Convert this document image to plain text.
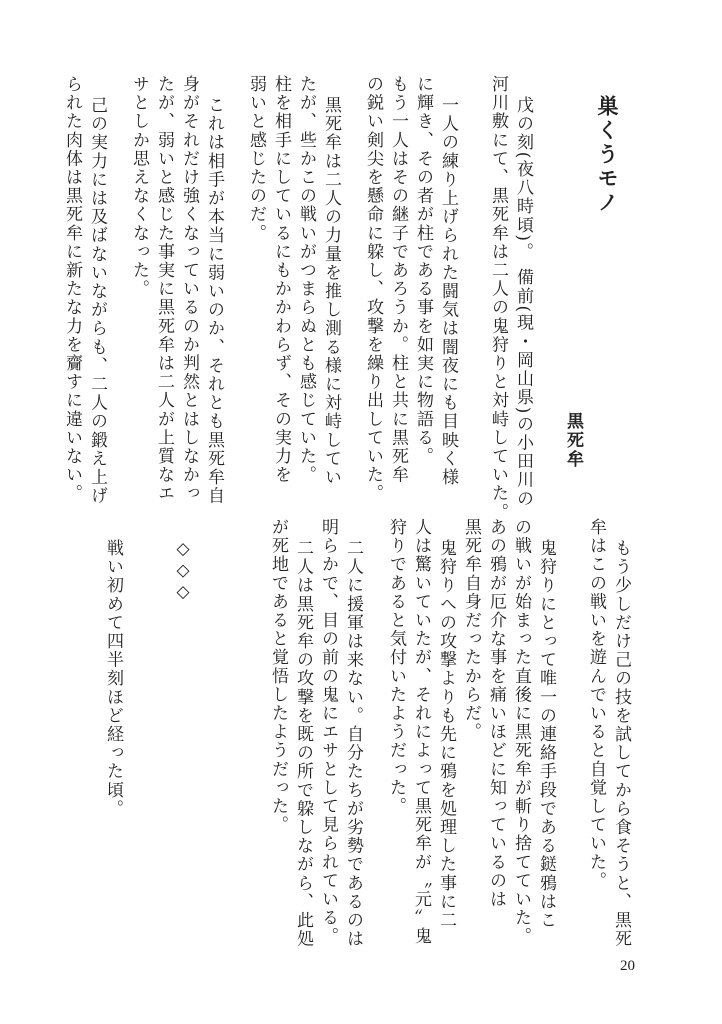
巣くうモノ
黒死牟
戊の刻(夜八時頃)。 備前(現・岡山県)の小田川の
河川敷にて、黒死牟は二人の鬼狩りと対峙していた。
一人の練り上げられた闘気は闇夜にも目映く様
に輝き、その者が柱である事を如実に物語る。
もう一人はその継子であろうか。柱と共に黒死牟
の鋭い剣尖を懸命に躱し、攻撃を繰り出していた。
黒死牟は二人の力量を推し測る様に対峙してい
たが、些かこの戦いがつまらぬとも感じていた。
柱を相手にしているにもかかわらず、その実力を
弱いと感じたのだ。
これは相手が本当に弱いのか、それとも黒死牟自
身がそれだけ強くなっているのか判然とはしなかっ
たが、弱いと感じた事実に黒死牟は二人が上質なエ
サとしか思えなくなった。
己の実力には及ばないながらも、二人の鍛え上げ
られた肉体は黒死牟に新たな力を齎すに違いない。
もう少しだけ己の技を試してから食そうと、黒死
牟はこの戦いを遊んでいると自覚していた。
鬼狩りにとって唯一の連絡手段である鎹鴉はこ
の戦いが始まった直後に黒死牟が斬り捨てていた。
あの鴉が厄介な事を痛いほどに知っているのは
黒死牟自身だったからだ。
鬼狩りへの攻撃よりも先に鴉を処理した事に二
人は驚いていたが、それによって黒死牟が〝元〟鬼
狩りであると気付いたようだった。
二人に援軍は来ない。自分たちが劣勢であるのは
明らかで、目の前の鬼にエサとして見られている。
二人は黒死牟の攻撃を既の所で躱しながら、此処
が死地であると覚悟したようだった。
◇◇◇
戦い初めて四半刻ほど経った頃。
20
